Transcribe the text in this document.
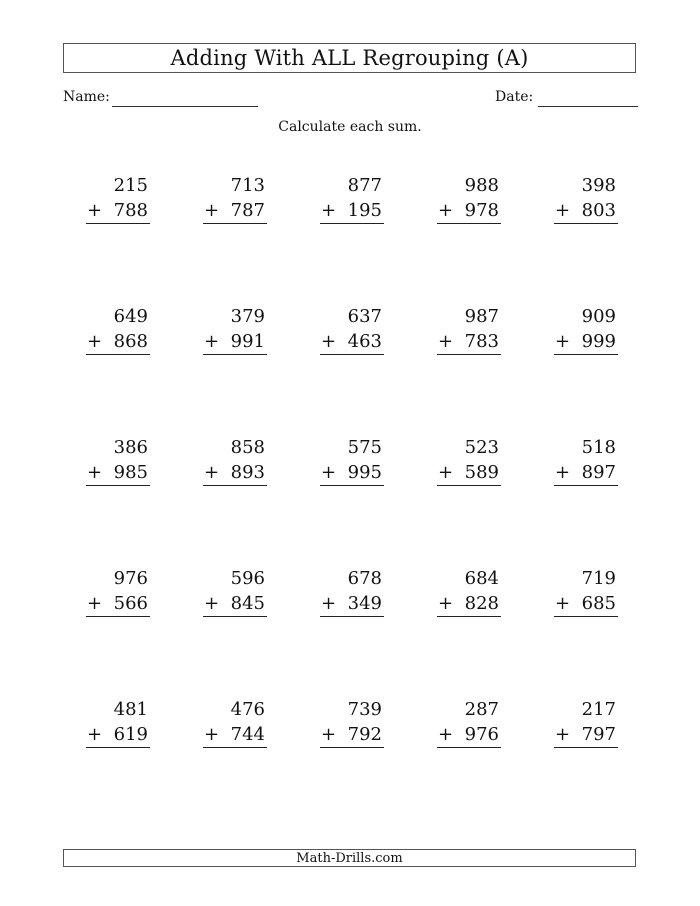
Adding With ALL Regrouping (A)
Name:	Date:
Calculate each sum.
215
+ 788
713
+ 787
877
+ 195
988
+ 978
398
+ 803
649
+ 868
379
+ 991
637
+ 463
987
+ 783
909
+ 999
386
+ 985
858
+ 893
575
+ 995
523
+ 589
518
+ 897
976
+ 566
596
+ 845
678
+ 349
684
+ 828
719
+ 685
481
+ 619
476
+ 744
739
+ 792
287
+ 976
217
+ 797
Math-Drills.com
